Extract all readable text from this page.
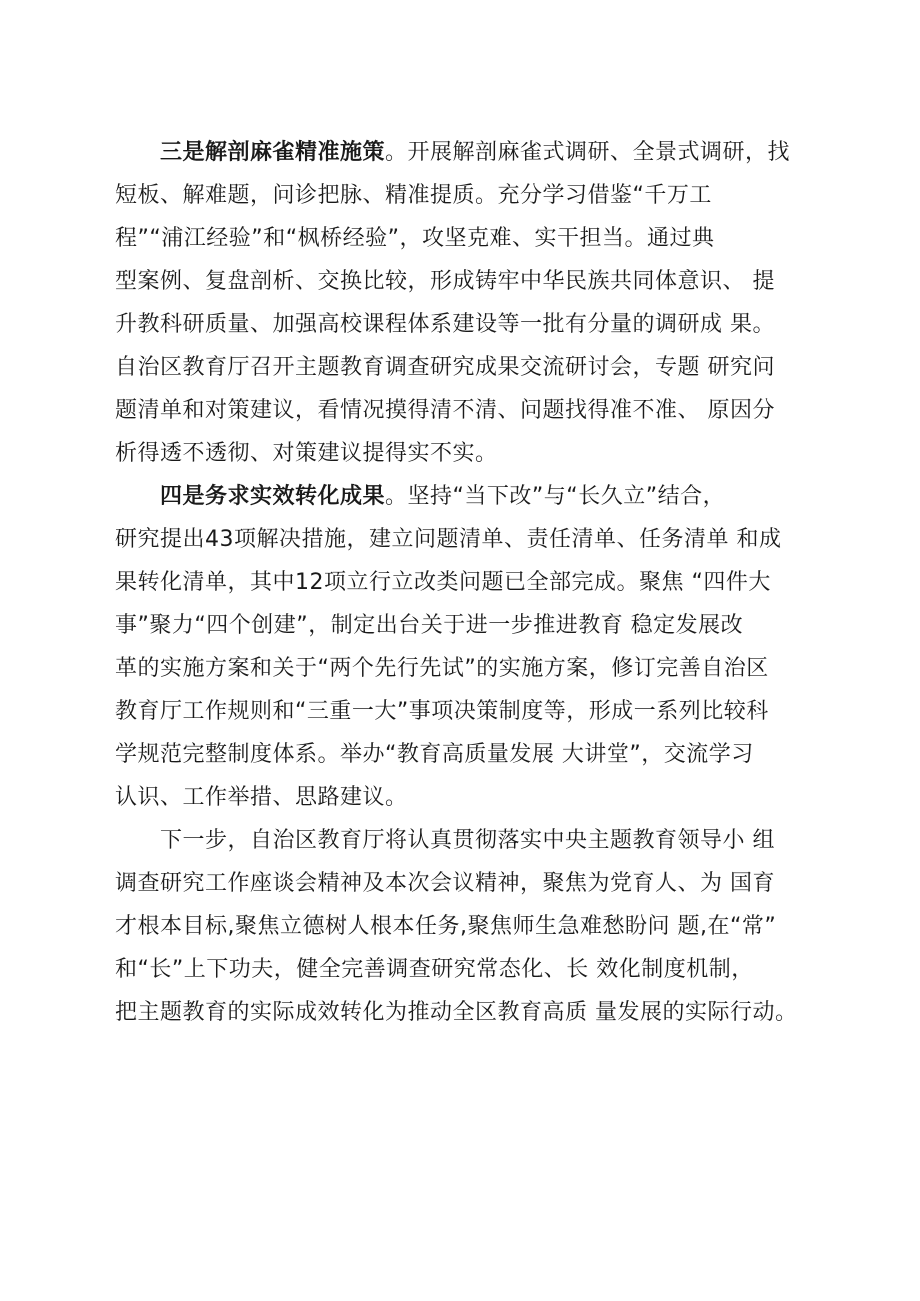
三是解剖麻雀精准施策。开展解剖麻雀式调研、全景式调研，找
短板、解难题，问诊把脉、精准提质。充分学习借鉴“千万工
程”“浦江经验”和“枫桥经验”，攻坚克难、实干担当。通过典
型案例、复盘剖析、交换比较，形成铸牢中华民族共同体意识、 提
升教科研质量、加强高校课程体系建设等一批有分量的调研成 果。
自治区教育厅召开主题教育调查研究成果交流研讨会，专题 研究问
题清单和对策建议，看情况摸得清不清、问题找得准不准、 原因分
析得透不透彻、对策建议提得实不实。
四是务求实效转化成果。坚持“当下改”与“长久立”结合，
研究提出43项解决措施，建立问题清单、责任清单、任务清单 和成
果转化清单，其中12项立行立改类问题已全部完成。聚焦 “四件大
事”聚力“四个创建”，制定出台关于进一步推进教育 稳定发展改
革的实施方案和关于“两个先行先试”的实施方案，修订完善自治区
教育厅工作规则和“三重一大”事项决策制度等，形成一系列比较科
学规范完整制度体系。举办“教育高质量发展 大讲堂”，交流学习
认识、工作举措、思路建议。
下一步，自治区教育厅将认真贯彻落实中央主题教育领导小 组
调查研究工作座谈会精神及本次会议精神，聚焦为党育人、为 国育
才根本目标,聚焦立德树人根本任务,聚焦师生急难愁盼问 题,在“常”
和“长”上下功夫，健全完善调查研究常态化、长 效化制度机制，
把主题教育的实际成效转化为推动全区教育高质 量发展的实际行动。
